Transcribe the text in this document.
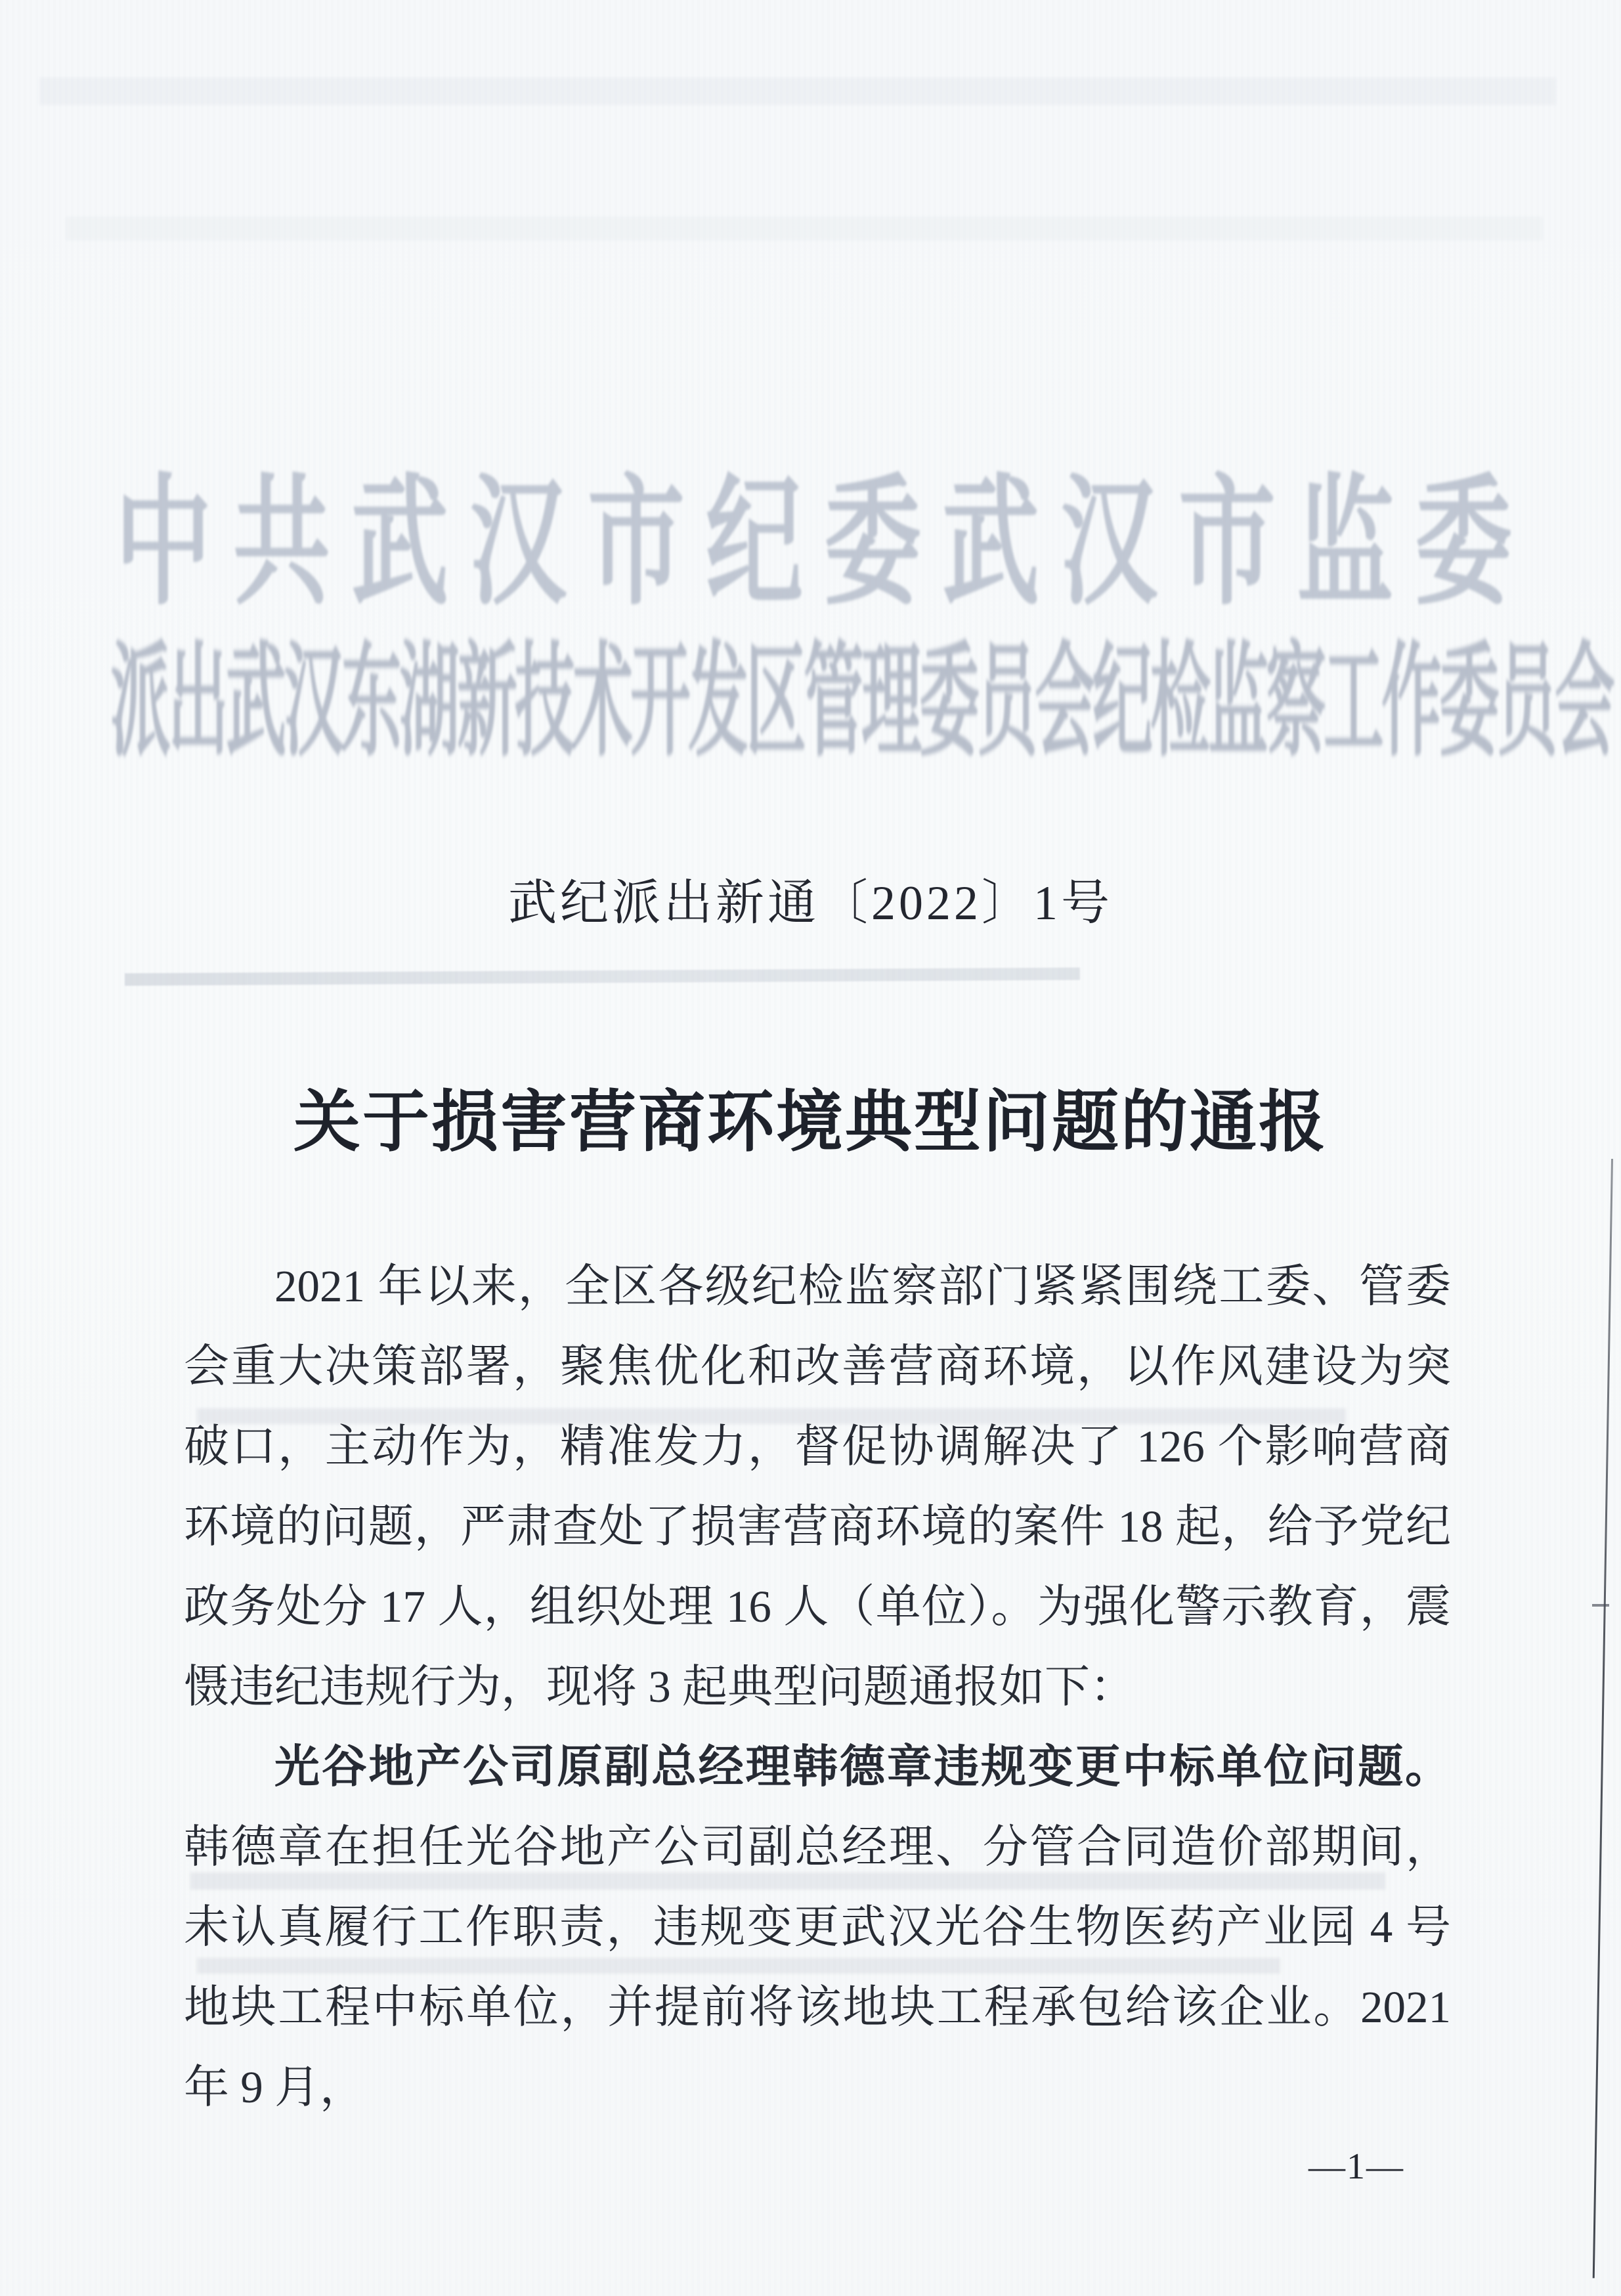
中共武汉市纪委武汉市监委
派出武汉东湖新技术开发区管理委员会纪检监察工作委员会
武纪派出新通〔2022〕1号
关于损害营商环境典型问题的通报

2021 年以来，全区各级纪检监察部门紧紧围绕工委、管委会重大决策部署，聚焦优化和改善营商环境，以作风建设为突破口，主动作为，精准发力，督促协调解决了 126 个影响营商环境的问题，严肃查处了损害营商环境的案件 18 起，给予党纪政务处分 17 人，组织处理 16 人（单位）。为强化警示教育，震慑违纪违规行为，现将 3 起典型问题通报如下：

光谷地产公司原副总经理韩德章违规变更中标单位问题。韩德章在担任光谷地产公司副总经理、分管合同造价部期间，未认真履行工作职责，违规变更武汉光谷生物医药产业园 4 号地块工程中标单位，并提前将该地块工程承包给该企业。2021 年 9 月，

—1—
